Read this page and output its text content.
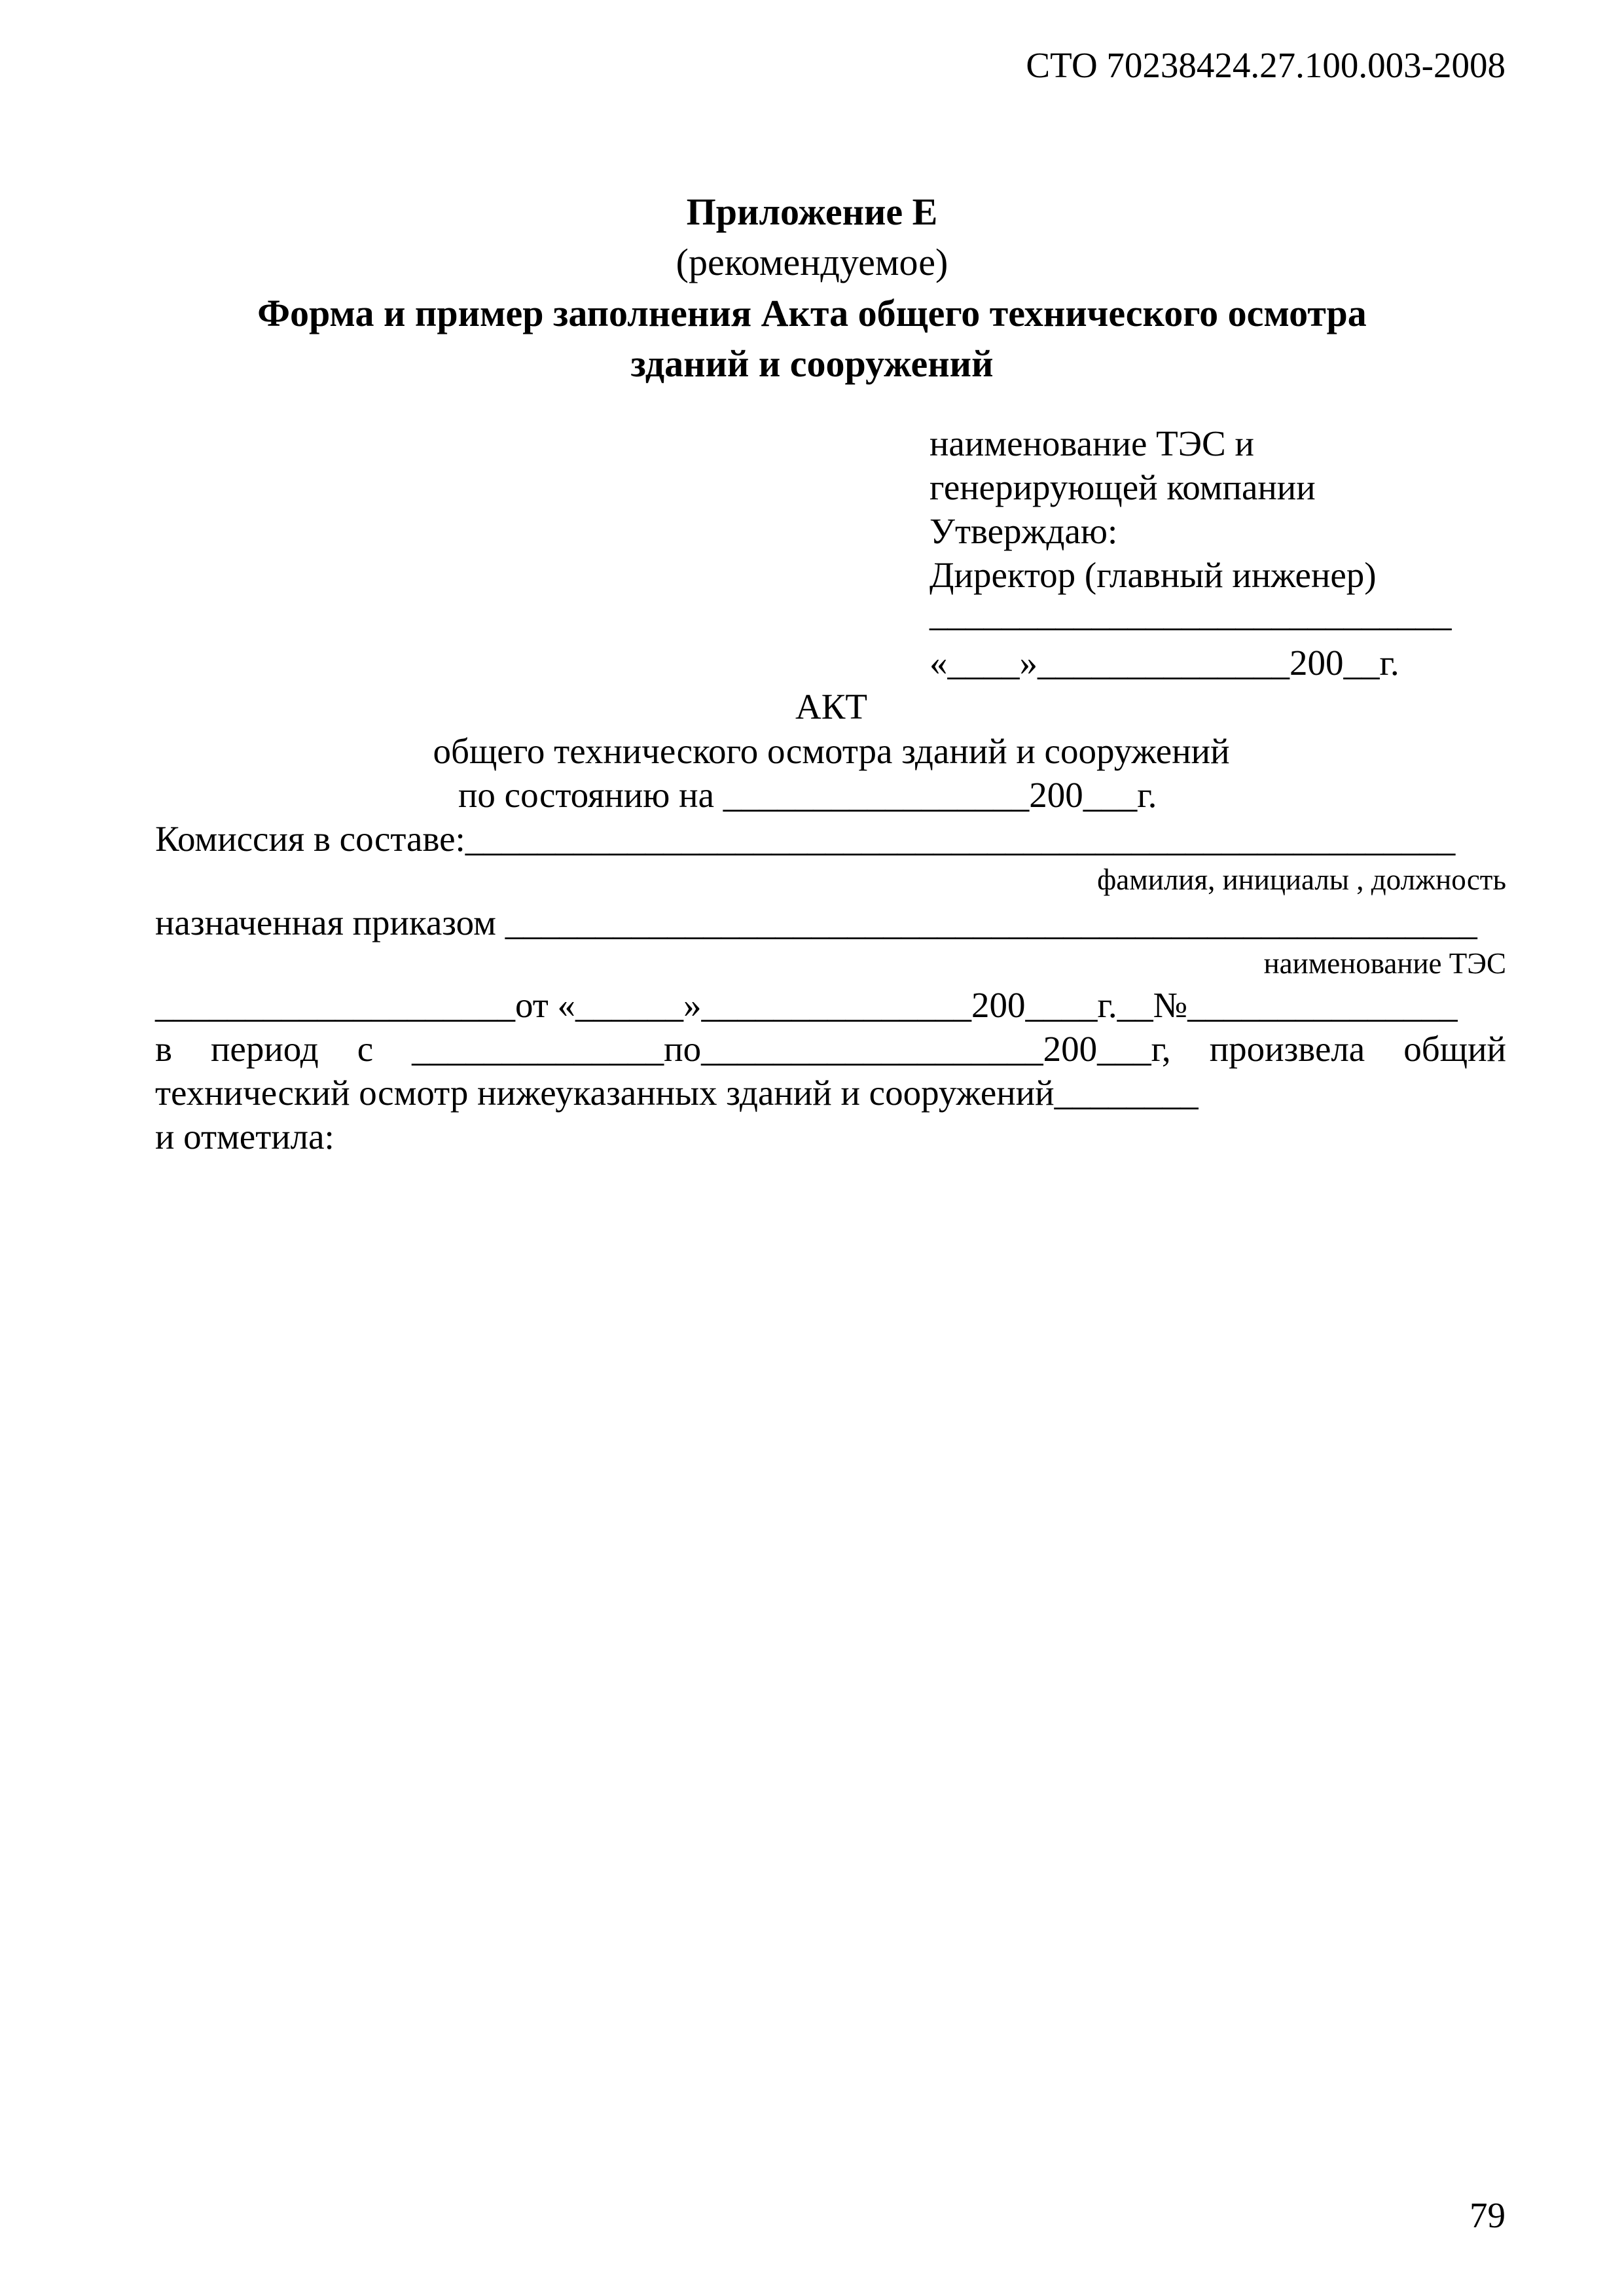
СТО 70238424.27.100.003-2008
Приложение Е
(рекомендуемое)
Форма и пример заполнения Акта общего технического осмотра
зданий и сооружений
наименование ТЭС и
генерирующей компании
Утверждаю:
Директор (главный инженер)
_____________________________
«____»______________200__г.
АКТ
общего технического осмотра зданий и сооружений
по состоянию на _________________200___г.
Комиссия в составе:_______________________________________________________
фамилия, инициалы , должность
назначенная приказом ______________________________________________________
наименование ТЭС
____________________от «______»_______________200____г.__№_______________
в период с ______________по___________________200___г, произвела общий
технический осмотр нижеуказанных зданий и сооружений________
и отметила:
79
